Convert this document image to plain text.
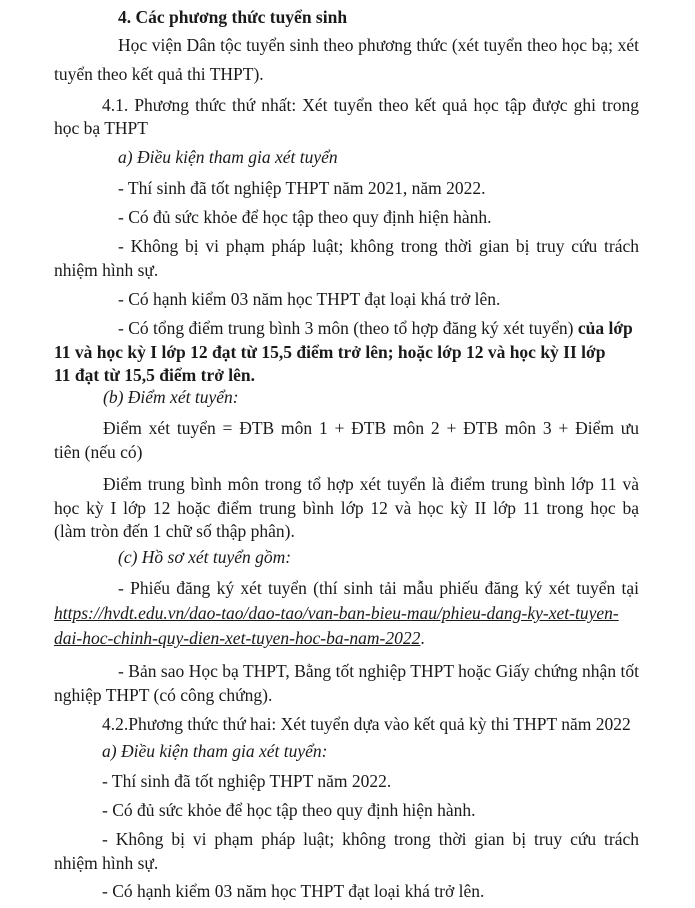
4. Các phương thức tuyển sinh
Học viện Dân tộc tuyển sinh theo phương thức (xét tuyển theo học bạ; xét
tuyển theo kết quả thi THPT).
4.1. Phương thức thứ nhất: Xét tuyển theo kết quả học tập được ghi trong
học bạ THPT
a) Điều kiện tham gia xét tuyển
- Thí sinh đã tốt nghiệp THPT năm 2021, năm 2022.
- Có đủ sức khỏe để học tập theo quy định hiện hành.
- Không bị vi phạm pháp luật; không trong thời gian bị truy cứu trách
nhiệm hình sự.
- Có hạnh kiểm 03 năm học THPT đạt loại khá trở lên.
- Có tổng điểm trung bình 3 môn (theo tổ hợp đăng ký xét tuyển) của lớp
11 và học kỳ I lớp 12 đạt từ 15,5 điểm trở lên; hoặc lớp 12 và học kỳ II lớp
11 đạt từ 15,5 điểm trở lên.
(b) Điểm xét tuyển:
Điểm xét tuyển = ĐTB môn 1 + ĐTB môn 2 + ĐTB môn 3 + Điểm ưu
tiên (nếu có)
Điểm trung bình môn trong tổ hợp xét tuyển là điểm trung bình lớp 11 và
học kỳ I lớp 12 hoặc điểm trung bình lớp 12 và học kỳ II lớp 11 trong học bạ
(làm tròn đến 1 chữ số thập phân).
(c) Hồ sơ xét tuyển gồm:
- Phiếu đăng ký xét tuyển (thí sinh tải mẫu phiếu đăng ký xét tuyển tại
https://hvdt.edu.vn/dao-tao/dao-tao/van-ban-bieu-mau/phieu-dang-ky-xet-tuyen-
dai-hoc-chinh-quy-dien-xet-tuyen-hoc-ba-nam-2022.
- Bản sao Học bạ THPT, Bằng tốt nghiệp THPT hoặc Giấy chứng nhận tốt
nghiệp THPT (có công chứng).
4.2.Phương thức thứ hai: Xét tuyển dựa vào kết quả kỳ thi THPT năm 2022
a) Điều kiện tham gia xét tuyển:
- Thí sinh đã tốt nghiệp THPT năm 2022.
- Có đủ sức khỏe để học tập theo quy định hiện hành.
- Không bị vi phạm pháp luật; không trong thời gian bị truy cứu trách
nhiệm hình sự.
- Có hạnh kiểm 03 năm học THPT đạt loại khá trở lên.
